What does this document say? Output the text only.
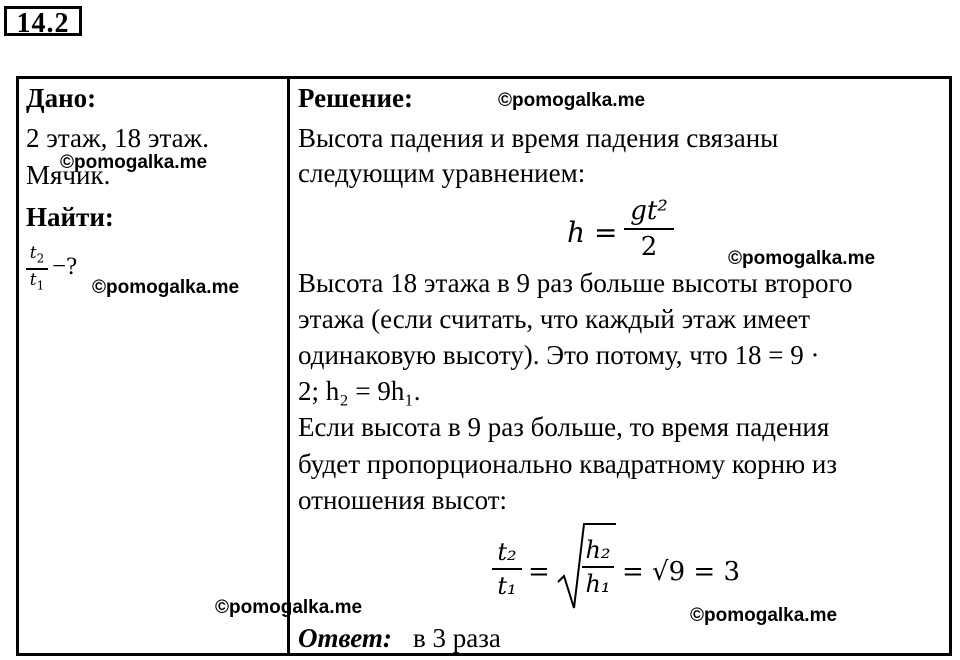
14.2
Дано:
2 этаж, 18 этаж.
Мячик.
Найти:
$t_2$
$t_1$
−?
Решение:
Высота падения и время падения связаны
следующим уравнением:
h =
gt²
2
Высота 18 этажа в 9 раз больше высоты второго
этажа (если считать, что каждый этаж имеет
одинаковую высоту). Это потому, что 18 = 9 ·
2; h₂ = 9h₁.
Если высота в 9 раз больше, то время падения
будет пропорционально квадратному корню из
отношения высот:
t₂
t₁ =
h₂
h₁ = √9 = 3
Ответ: в 3 раза
©pomogalka.me
©pomogalka.me
©pomogalka.me
©pomogalka.me
©pomogalka.me	©pomogalka.me
